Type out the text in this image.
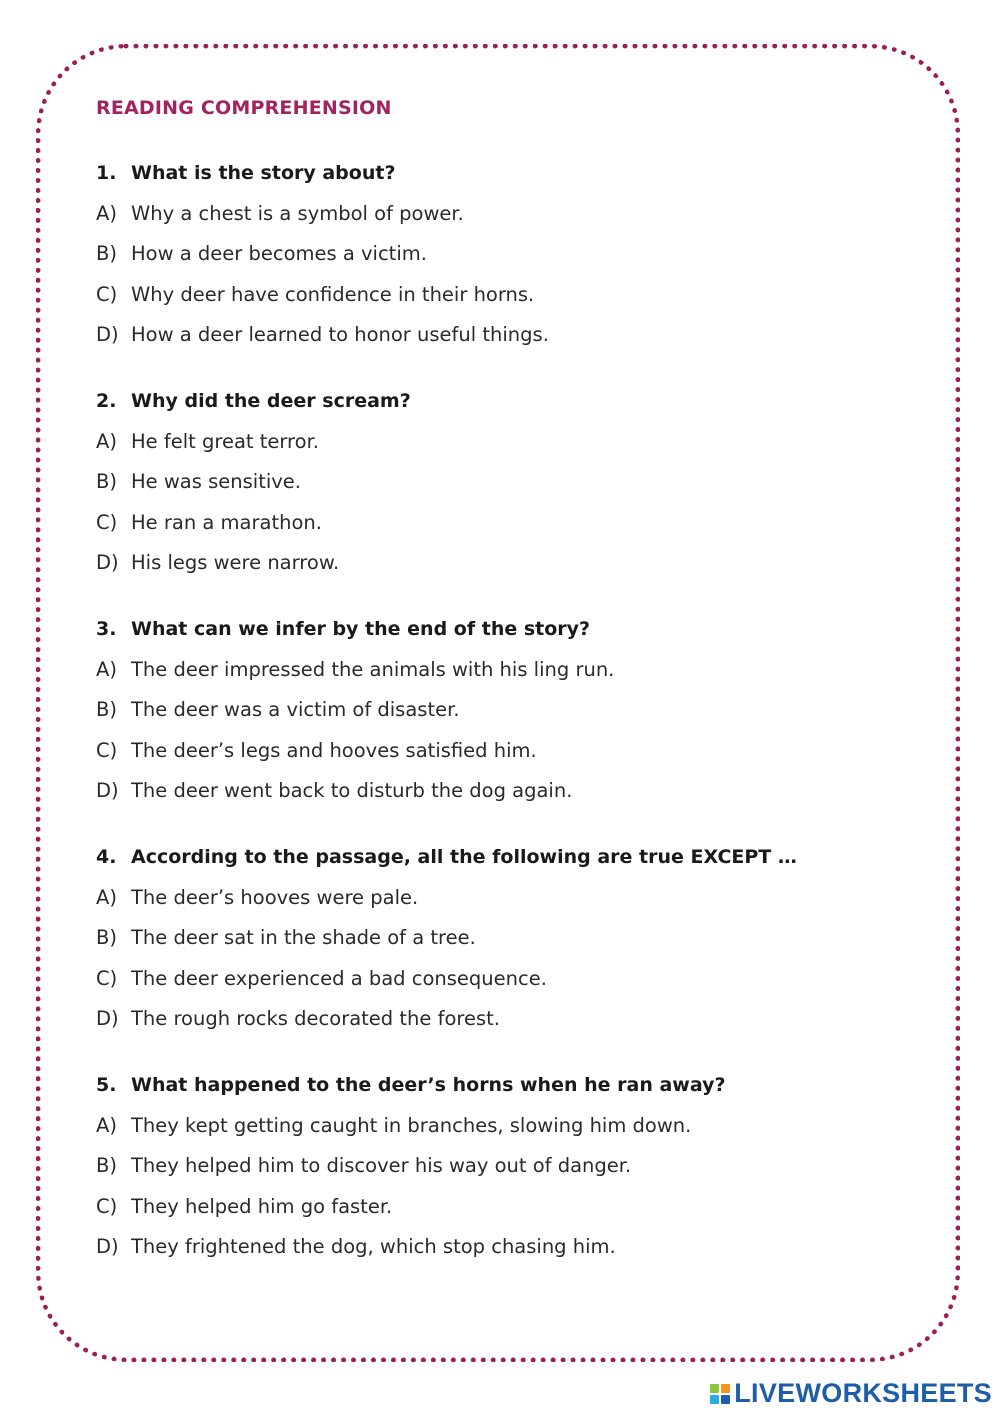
READING COMPREHENSION
1. What is the story about?
A) Why a chest is a symbol of power.
B) How a deer becomes a victim.
C) Why deer have confidence in their horns.
D) How a deer learned to honor useful things.
2. Why did the deer scream?
A) He felt great terror.
B) He was sensitive.
C) He ran a marathon.
D) His legs were narrow.
3. What can we infer by the end of the story?
A) The deer impressed the animals with his ling run.
B) The deer was a victim of disaster.
C) The deer’s legs and hooves satisfied him.
D) The deer went back to disturb the dog again.
4. According to the passage, all the following are true EXCEPT …
A) The deer’s hooves were pale.
B) The deer sat in the shade of a tree.
C) The deer experienced a bad consequence.
D) The rough rocks decorated the forest.
5. What happened to the deer’s horns when he ran away?
A) They kept getting caught in branches, slowing him down.
B) They helped him to discover his way out of danger.
C) They helped him go faster.
D) They frightened the dog, which stop chasing him.
LIVEWORKSHEETS
